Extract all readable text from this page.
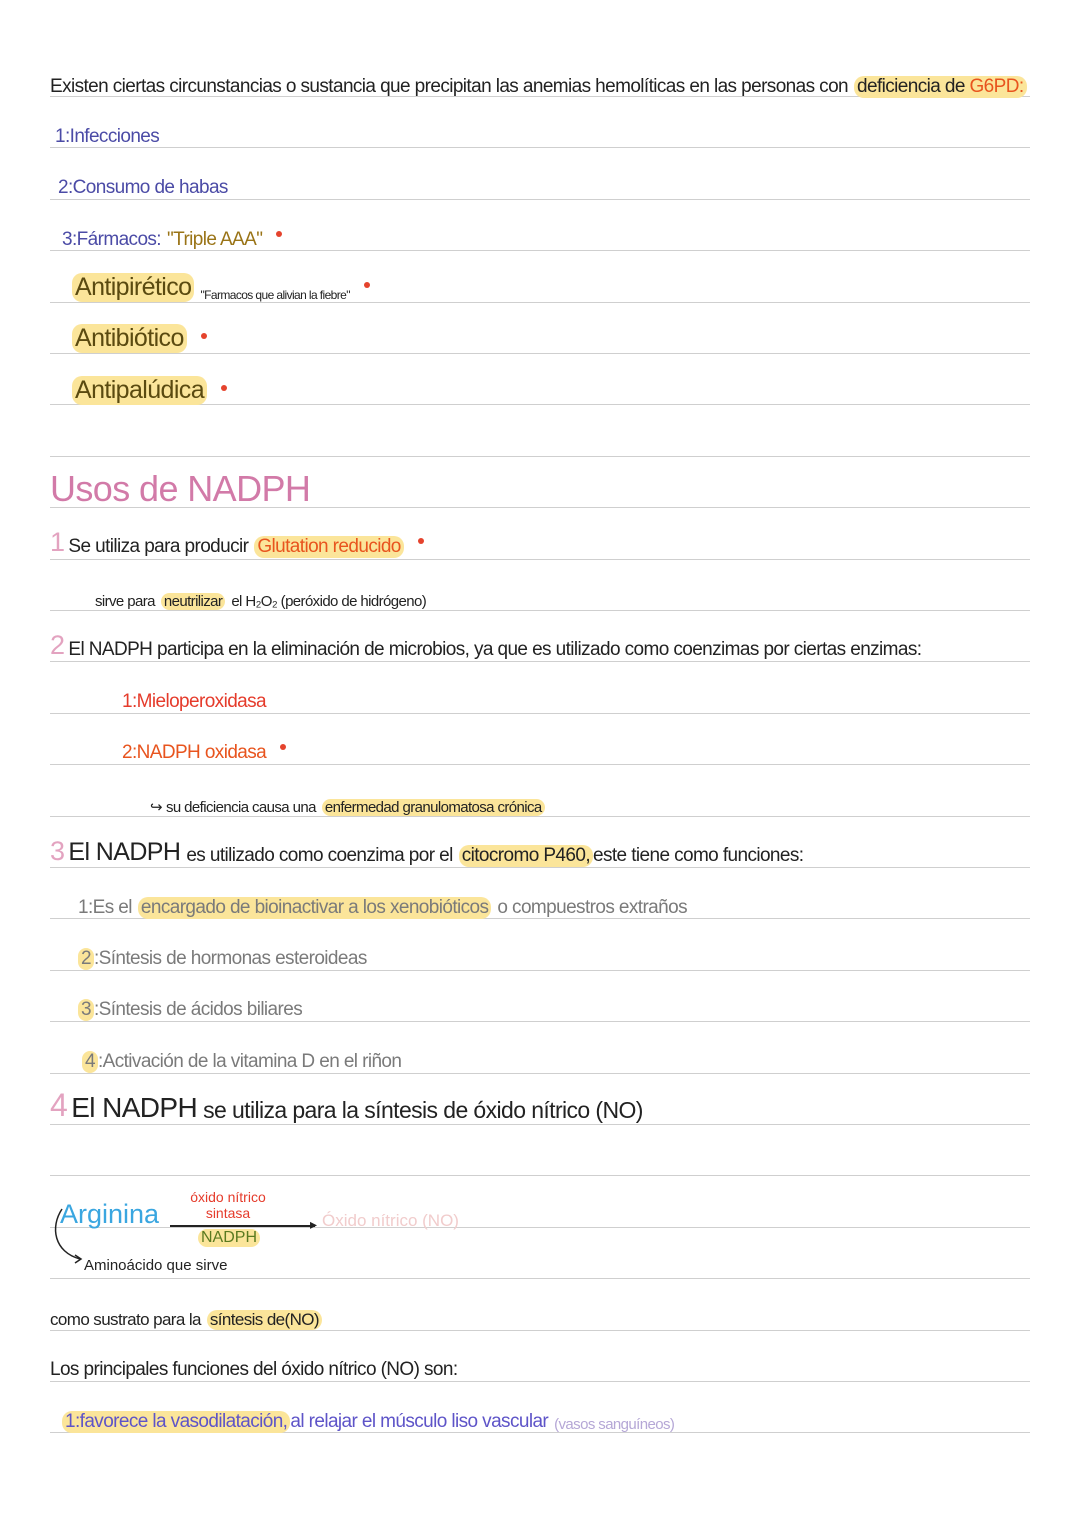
Existen ciertas circunstancias o sustancia que precipitan las anemias hemolíticas en las personas con deficiencia de G6PD:
1:Infecciones
2:Consumo de habas
3:Fármacos: "Triple AAA"
Antipirético "Farmacos que alivian la fiebre"
Antibiótico
Antipalúdica
Usos de NADPH
1 Se utiliza para producir Glutation reducido
sirve para neutrilizar el H₂O₂ (peróxido de hidrógeno)
2 El NADPH participa en la eliminación de microbios, ya que es utilizado como coenzimas por ciertas enzimas:
1:Mieloperoxidasa
2:NADPH oxidasa
↪ su deficiencia causa una enfermedad granulomatosa crónica
3 El NADPH es utilizado como coenzima por el citocromo P460, este tiene como funciones:
1:Es el encargado de bioinactivar a los xenobióticos o compuestros extraños
2 :Síntesis de hormonas esteroideas
3 :Síntesis de ácidos biliares
4 :Activación de la vitamina D en el riñon
4 El NADPH se utiliza para la síntesis de óxido nítrico (NO)
Arginina
óxido nítrico sintasa
▸
NADPH
Óxido nítrico (NO)
Aminoácido que sirve
como sustrato para la síntesis de(NO)
Los principales funciones del óxido nítrico (NO) son:
1:favorece la vasodilatación, al relajar el músculo liso vascular (vasos sanguíneos)
